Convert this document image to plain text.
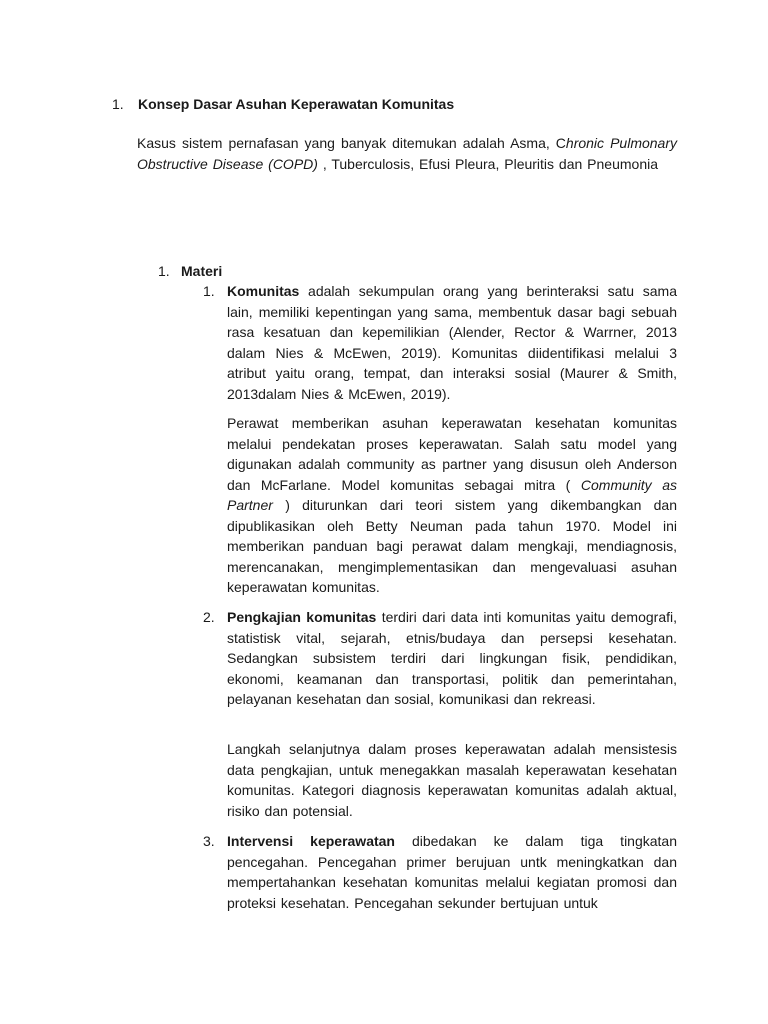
1.	Konsep Dasar Asuhan Keperawatan Komunitas

Kasus sistem pernafasan yang banyak ditemukan adalah Asma, Chronic Pulmonary Obstructive Disease (COPD) , Tuberculosis, Efusi Pleura, Pleuritis dan Pneumonia

1. Materi
1. Komunitas adalah sekumpulan orang yang berinteraksi satu sama lain, memiliki kepentingan yang sama, membentuk dasar bagi sebuah rasa kesatuan dan kepemilikian (Alender, Rector & Warrner, 2013 dalam Nies & McEwen, 2019). Komunitas diidentifikasi melalui 3 atribut yaitu orang, tempat, dan interaksi sosial (Maurer & Smith, 2013dalam Nies & McEwen, 2019).

Perawat memberikan asuhan keperawatan kesehatan komunitas melalui pendekatan proses keperawatan. Salah satu model yang digunakan adalah community as partner yang disusun oleh Anderson dan McFarlane. Model komunitas sebagai mitra ( Community as Partner ) diturunkan dari teori sistem yang dikembangkan dan dipublikasikan oleh Betty Neuman pada tahun 1970. Model ini memberikan panduan bagi perawat dalam mengkaji, mendiagnosis, merencanakan, mengimplementasikan dan mengevaluasi asuhan keperawatan komunitas.

2. Pengkajian komunitas terdiri dari data inti komunitas yaitu demografi, statistisk vital, sejarah, etnis/budaya dan persepsi kesehatan. Sedangkan subsistem terdiri dari lingkungan fisik, pendidikan, ekonomi, keamanan dan transportasi, politik dan pemerintahan, pelayanan kesehatan dan sosial, komunikasi dan rekreasi.

Langkah selanjutnya dalam proses keperawatan adalah mensistesis data pengkajian, untuk menegakkan masalah keperawatan kesehatan komunitas. Kategori diagnosis keperawatan komunitas adalah aktual, risiko dan potensial.

3. Intervensi keperawatan dibedakan ke dalam tiga tingkatan pencegahan. Pencegahan primer berujuan untk meningkatkan dan mempertahankan kesehatan komunitas melalui kegiatan promosi dan proteksi kesehatan. Pencegahan sekunder bertujuan untuk
